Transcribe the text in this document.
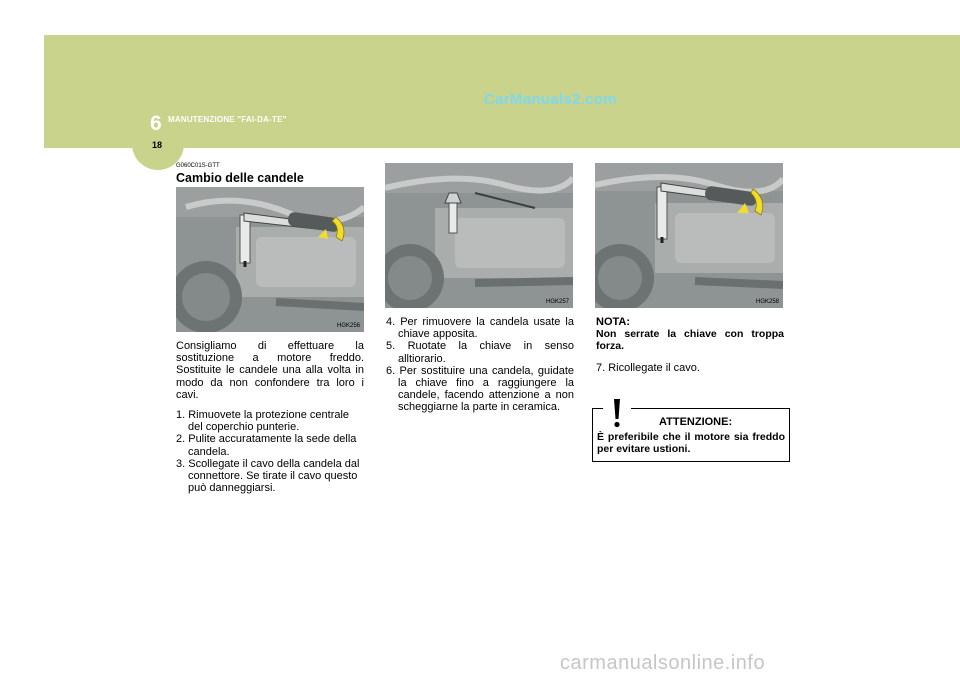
6 MANUTENZIONE "FAI-DA-TE"
18
CarManuals2.com
G060C01S-GTT
Cambio delle candele
HGK256
HGK257	HGK258

Consigliamo di effettuare la sostituzione a motore freddo. Sostituite le candele una alla volta in modo da non confondere tra loro i cavi.

1. Rimuovete la protezione centrale del coperchio punterie.

2. Pulite accuratamente la sede della candela.

3. Scollegate il cavo della candela dal connettore. Se tirate il cavo questo può danneggiarsi.

4. Per rimuovere la candela usate la chiave apposita.

5. Ruotate la chiave in senso alltiorario.

6. Per sostituire una candela, guidate la chiave fino a raggiungere la candele, facendo attenzione a non scheggiarne la parte in ceramica.

NOTA:

Non serrate la chiave con troppa forza.

7. Ricollegate il cavo.

ATTENZIONE:
È preferibile che il motore sia freddo per evitare ustioni.
carmanualsonline.info
